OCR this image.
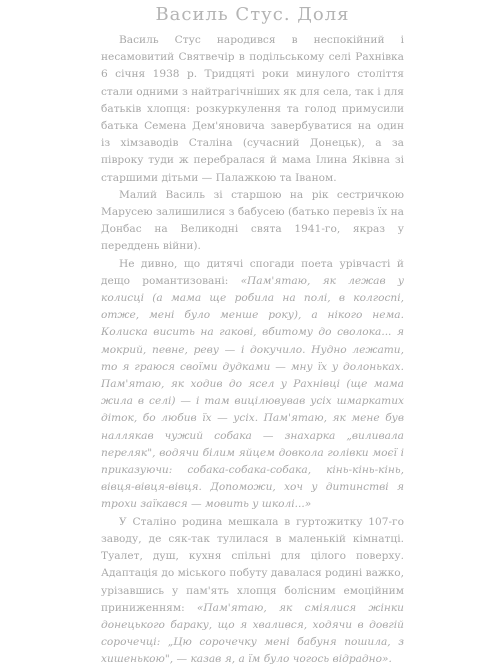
Василь Стус. Доля

Василь Стус народився в неспокійний і несамовитий Святвечір в подільському селі Рахнівка 6 січня 1938 р. Тридцяті роки минулого століття стали одними з найтрагічніших як для села, так і для батьків хлопця: розкуркулення та голод примусили батька Семена Дем'яновича завербуватися на один із хімзаводів Сталіна (сучасний Донецьк), а за півроку туди ж перебралася й мама Ілина Яківна зі старшими дітьми — Палажкою та Іваном.

Малий Василь зі старшою на рік сестричкою Марусею залишилися з бабусею (батько перевіз їх на Донбас на Великодні свята 1941-го, якраз у переддень війни).

Не дивно, що дитячі спогади поета урівчасті й дещо романтизовані: «Пам'ятаю, як лежав у колисці (а мама ще робила на полі, в колгоспі, отже, мені було менше року), а нікого нема. Колиска висить на гакові, вбитому до сволока... я мокрий, певне, реву — і докучило. Нудно лежати, то я граюся своїми дудками — мну їх у долоньках. Пам'ятаю, як ходив до ясел у Рахнівці (ще мама жила в селі) — і там вицілювував усіх шмаркатих діток, бо любив їх — усіх. Пам'ятаю, як мене був наллякав чужий собака — знахарка „виливала переляк", водячи білим яйцем довкола голівки моєї і приказуючи: собака-собака-собака, кінь-кінь-кінь, вівця-вівця-вівця. Допоможи, хоч у дитинстві я трохи заїкався — мовить у школі...»

У Сталіно родина мешкала в гуртожитку 107-го заводу, де сяк-так тулилася в маленькій кімнатці. Туалет, душ, кухня спільні для цілого поверху. Адаптація до міського побуту давалася родині важко, урізавшись у пам'ять хлопця болісним емоційним приниженням: «Пам'ятаю, як сміялися жінки донецького бараку, що я хвалився, ходячи в довгій сорочечці: „Цю сорочечку мені бабуня пошила, з хишенькою", — казав я, а їм було чогось відрадно».
